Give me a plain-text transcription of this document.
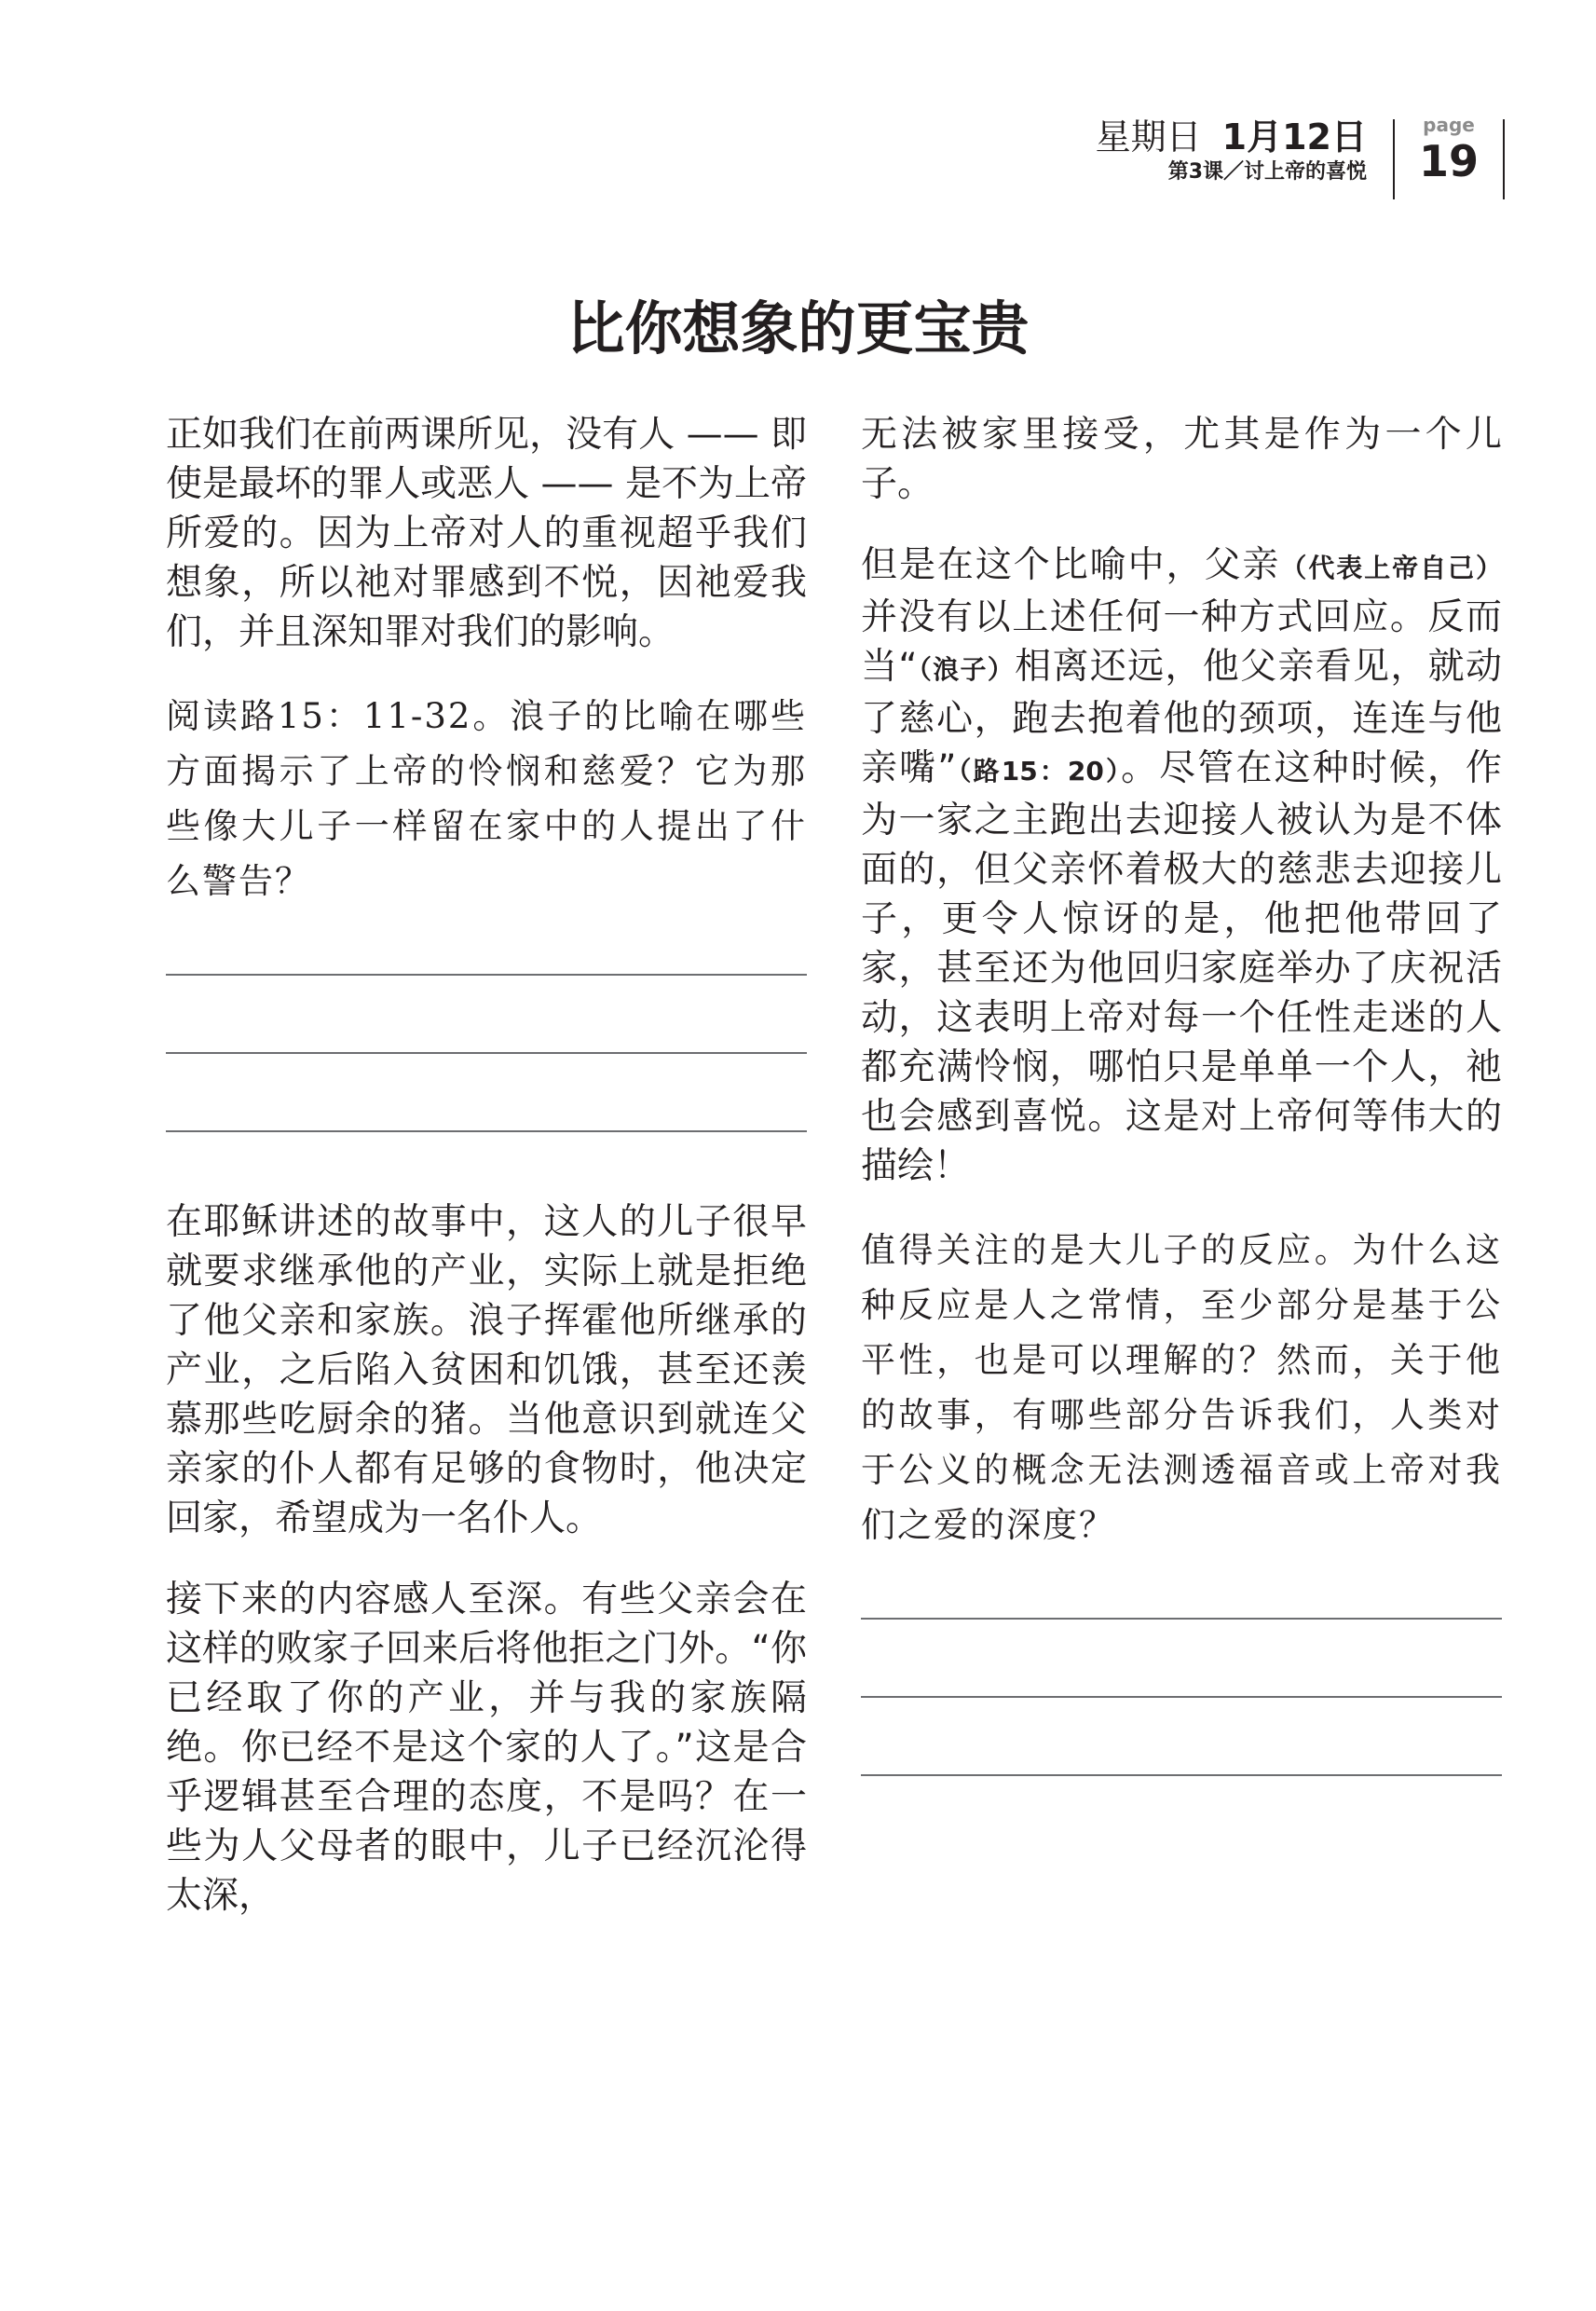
星期日 1月12日
第3课／讨上帝的喜悦
page
19
比你想象的更宝贵

正如我们在前两课所见，没有人 —— 即使是最坏的罪人或恶人 —— 是不为上帝所爱的。因为上帝对人的重视超乎我们想象，所以祂对罪感到不悦，因祂爱我们，并且深知罪对我们的影响。

阅读路15：11-32。浪子的比喻在哪些方面揭示了上帝的怜悯和慈爱？它为那些像大儿子一样留在家中的人提出了什么警告？

在耶稣讲述的故事中，这人的儿子很早就要求继承他的产业，实际上就是拒绝了他父亲和家族。浪子挥霍他所继承的产业，之后陷入贫困和饥饿，甚至还羡慕那些吃厨余的猪。当他意识到就连父亲家的仆人都有足够的食物时，他决定回家，希望成为一名仆人。

接下来的内容感人至深。有些父亲会在这样的败家子回来后将他拒之门外。“你已经取了你的产业，并与我的家族隔绝。你已经不是这个家的人了。”这是合乎逻辑甚至合理的态度，不是吗？在一些为人父母者的眼中，儿子已经沉沦得太深，

无法被家里接受，尤其是作为一个儿子。

但是在这个比喻中，父亲（代表上帝自己）并没有以上述任何一种方式回应。反而当“（浪子）相离还远，他父亲看见，就动了慈心，跑去抱着他的颈项，连连与他亲嘴”（路15：20）。尽管在这种时候，作为一家之主跑出去迎接人被认为是不体面的，但父亲怀着极大的慈悲去迎接儿子，更令人惊讶的是，他把他带回了家，甚至还为他回归家庭举办了庆祝活动，这表明上帝对每一个任性走迷的人都充满怜悯，哪怕只是单单一个人，祂也会感到喜悦。这是对上帝何等伟大的描绘！

值得关注的是大儿子的反应。为什么这种反应是人之常情，至少部分是基于公平性，也是可以理解的？然而，关于他的故事，有哪些部分告诉我们，人类对于公义的概念无法测透福音或上帝对我们之爱的深度？
